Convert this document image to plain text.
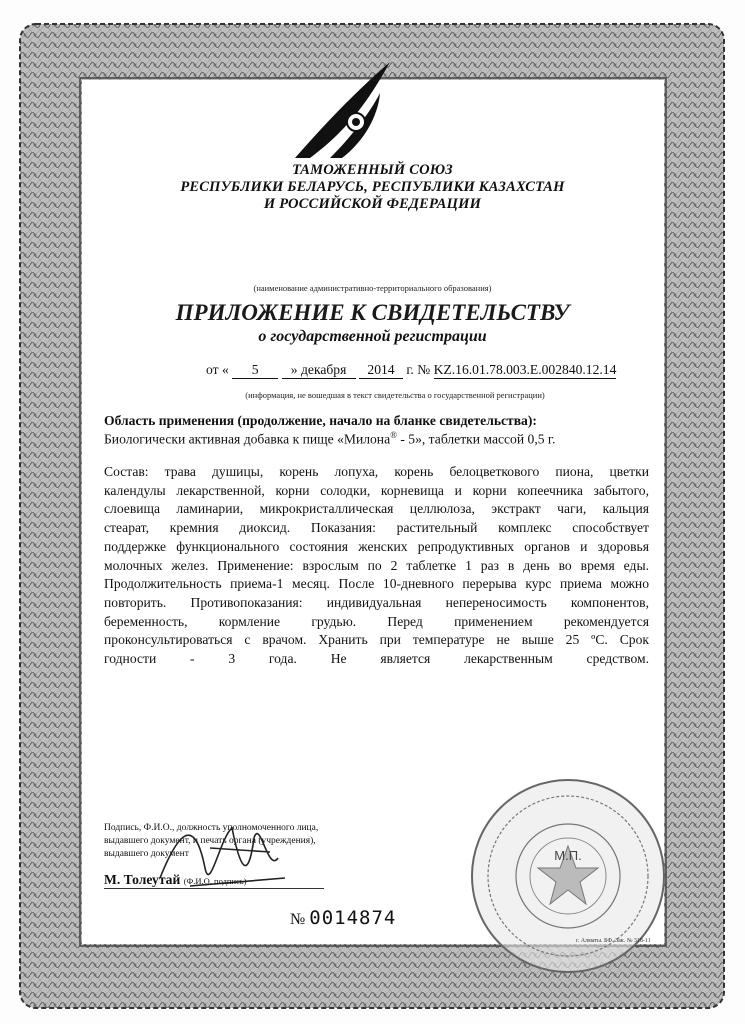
ТАМОЖЕННЫЙ СОЮЗ

РЕСПУБЛИКИ БЕЛАРУСЬ, РЕСПУБЛИКИ КАЗАХСТАН

И РОССИЙСКОЙ ФЕДЕРАЦИИ

(наименование административно-территориального образования)

ПРИЛОЖЕНИЕ К СВИДЕТЕЛЬСТВУ

о государственной регистрации

от « 5 » декабря 2014 г. № KZ.16.01.78.003.E.002840.12.14

(информация, не вошедшая в текст свидетельства о государственной регистрации)

Область применения (продолжение, начало на бланке свидетельства):
Биологически активная добавка к пище «Милона® - 5», таблетки массой 0,5 г.
Состав: трава душицы, корень лопуха, корень белоцветкового пиона, цветки
календулы лекарственной, корни солодки, корневища и корни копеечника забытого,
слоевища ламинарии, микрокристаллическая целлюлоза, экстракт чаги, кальция
стеарат, кремния диоксид. Показания: растительный комплекс способствует
поддержке функционального состояния женских репродуктивных органов и здоровья
молочных желез. Применение: взрослым по 2 таблетке 1 раз в день во время еды.
Продолжительность приема-1 месяц. После 10-дневного перерыва курс приема можно
повторить. Противопоказания: индивидуальная непереносимость компонентов,
беременность, кормление грудью. Перед применением рекомендуется
проконсультироваться с врачом. Хранить при температуре не выше 25 ºС. Срок
годности - 3 года. Не является лекарственным средством.
Подпись, Ф.И.О., должность уполномоченного лица,
выдавшего документ, и печать органа (учреждения),
выдавшего документ
М. Толеутай (Ф.И.О. подпись)
№ 0014874
М.П.
г. Алматы. БФ. Зак. № 318-11
